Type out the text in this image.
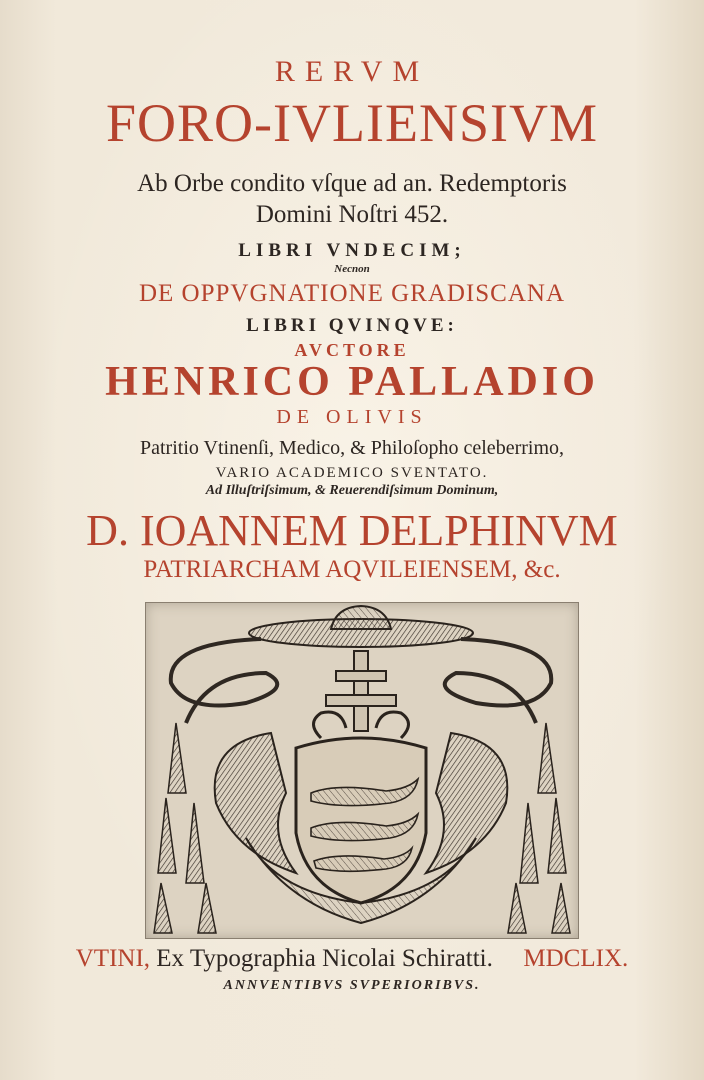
RERVM
FORO-IVLIENSIVM
Ab Orbe condito vſque ad an. Redemptoris
Domini Noſtri 452.
LIBRI VNDECIM;
Necnon
DE OPPVGNATIONE GRADISCANA
LIBRI QVINQVE:
AVCTORE
HENRICO PALLADIO
DE OLIVIS
Patritio Vtinenſi, Medico, & Philoſopho celeberrimo,
VARIO ACADEMICO SVENTATO.
Ad Illuſtriſsimum, & Reuerendiſsimum Dominum,
D. IOANNEM DELPHINVM
PATRIARCHAM AQVILEIENSEM, &c.
VTINI, Ex Typographia Nicolai Schiratti. MDCLIX.
ANNVENTIBVS SVPERIORIBVS.
